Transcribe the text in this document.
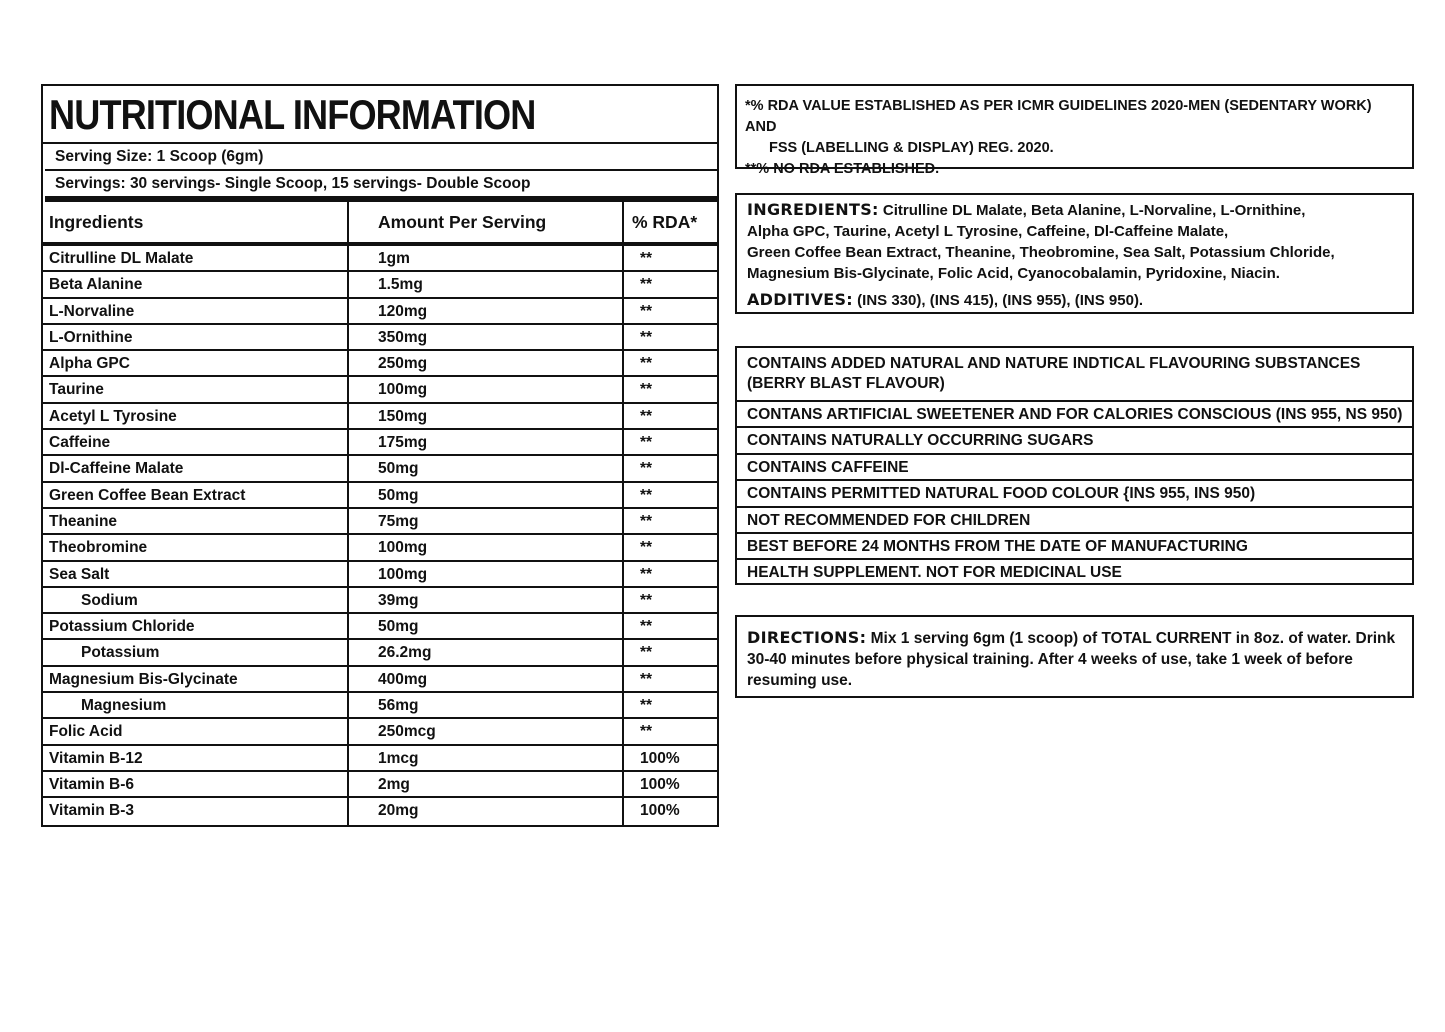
NUTRITIONAL INFORMATION
Serving Size: 1 Scoop (6gm)
Servings: 30 servings- Single Scoop, 15 servings- Double Scoop
Ingredients	Amount Per Serving	% RDA*
Citrulline DL Malate	1gm	**
Beta Alanine	1.5mg	**
L-Norvaline	120mg	**
L-Ornithine	350mg	**
Alpha GPC	250mg	**
Taurine	100mg	**
Acetyl L Tyrosine	150mg	**
Caffeine	175mg	**
Dl-Caffeine Malate	50mg	**
Green Coffee Bean Extract	50mg	**
Theanine	75mg	**
Theobromine	100mg	**
Sea Salt	100mg	**
Sodium	39mg	**
Potassium Chloride	50mg	**
Potassium	26.2mg	**
Magnesium Bis-Glycinate	400mg	**
Magnesium	56mg	**
Folic Acid	250mcg	**
Vitamin B-12	1mcg	100%
Vitamin B-6	2mg	100%
Vitamin B-3	20mg	100%
*% RDA VALUE ESTABLISHED AS PER ICMR GUIDELINES 2020-MEN (SEDENTARY WORK) AND
FSS (LABELLING & DISPLAY) REG. 2020.
**% NO RDA ESTABLISHED.
INGREDIENTS: Citrulline DL Malate, Beta Alanine, L-Norvaline, L-Ornithine,
Alpha GPC, Taurine, Acetyl L Tyrosine, Caffeine, Dl-Caffeine Malate,
Green Coffee Bean Extract, Theanine, Theobromine, Sea Salt, Potassium Chloride,
Magnesium Bis-Glycinate, Folic Acid, Cyanocobalamin, Pyridoxine, Niacin.
ADDITIVES: (INS 330), (INS 415), (INS 955), (INS 950).
CONTAINS ADDED NATURAL AND NATURE INDTICAL FLAVOURING SUBSTANCES
(BERRY BLAST FLAVOUR)
CONTANS ARTIFICIAL SWEETENER AND FOR CALORIES CONSCIOUS (INS 955, NS 950)
CONTAINS NATURALLY OCCURRING SUGARS
CONTAINS CAFFEINE
CONTAINS PERMITTED NATURAL FOOD COLOUR {INS 955, INS 950)
NOT RECOMMENDED FOR CHILDREN
BEST BEFORE 24 MONTHS FROM THE DATE OF MANUFACTURING
HEALTH SUPPLEMENT. NOT FOR MEDICINAL USE
DIRECTIONS: Mix 1 serving 6gm (1 scoop) of TOTAL CURRENT in 8oz. of water. Drink 30-40 minutes before physical training. After 4 weeks of use, take 1 week of before resuming use.
